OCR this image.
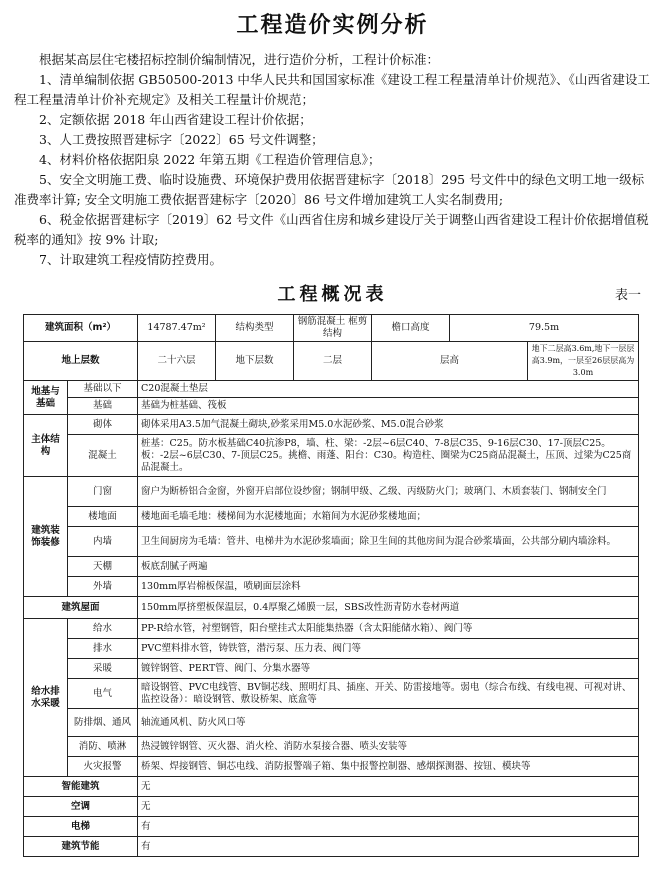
工程造价实例分析

根据某高层住宅楼招标控制价编制情况，进行造价分析，工程计价标准：

1、清单编制依据 GB50500-2013 中华人民共和国国家标准《建设工程工程量清单计价规范》、《山西省建设工程工程量清单计价补充规定》及相关工程量计价规范；

2、定额依据 2018 年山西省建设工程计价依据；

3、人工费按照晋建标字〔2022〕65 号文件调整；

4、材料价格依据阳泉 2022 年第五期《工程造价管理信息》；

5、安全文明施工费、临时设施费、环境保护费用依据晋建标字〔2018〕295 号文件中的绿色文明工地一级标准费率计算; 安全文明施工费依据晋建标字〔2020〕86 号文件增加建筑工人实名制费用;

6、税金依据晋建标字〔2019〕62 号文件《山西省住房和城乡建设厅关于调整山西省建设工程计价依据增值税税率的通知》按 9% 计取;

7、计取建筑工程疫情防控费用。

工程概况表	表一
建筑面积（m²）		14787.47m²	结构类型	钢筋混凝土 框剪结构	檐口高度	79.5m	
地上层数		二十六层	地下层数	二层	层高		地下二层高3.6m,地下一层层高3.9m，一层至26层层高为3.0m
地基与基础	基础以下	C20混凝土垫层					
	基础	基础为桩基础、筏板					
主体结构	砌体	砌体采用A3.5加气混凝土砌块,砂浆采用M5.0水泥砂浆、M5.0混合砂浆					
	混凝土	桩基：C25。防水板基础C40抗渗P8，墙、柱、梁：-2层~6层C40、7-8层C35、9-16层C30、17-顶层C25。板：-2层~6层C30、7-顶层C25。挑檐、雨蓬、阳台：C30。构造柱、圈梁为C25商品混凝土，压顶、过梁为C25商品混凝土。					
建筑装饰装修	门窗	窗户为断桥铝合金窗，外窗开启部位设纱窗；钢制甲级、乙级、丙级防火门；玻璃门、木质套装门、钢制安全门					
	楼地面	楼地面毛墙毛地：楼梯间为水泥楼地面；水箱间为水泥砂浆楼地面；					
	内墙	卫生间厨房为毛墙：管井、电梯井为水泥砂浆墙面；除卫生间的其他房间为混合砂浆墙面，公共部分刷内墙涂料。					
	天棚	板底刮腻子两遍					
	外墙	130mm厚岩棉板保温，喷刷面层涂料					
建筑屋面		150mm厚挤塑板保温层，0.4厚聚乙烯膜一层，SBS改性沥青防水卷材两道					
给水排水采暖	给水	PP-R给水管，衬塑钢管，阳台壁挂式太阳能集热器（含太阳能储水箱）、阀门等					
	排水	PVC塑料排水管，铸铁管，潜污泵、压力表、阀门等					
	采暖	镀锌钢管、PERT管、阀门、分集水器等					
	电气	暗设钢管、PVC电线管、BV铜芯线、照明灯具、插座、开关、防雷接地等。弱电（综合布线、有线电视、可视对讲、监控设备）：暗设钢管、敷设桥架、底盒等					
	防排烟、通风	轴流通风机、防火风口等					
	消防、喷淋	热浸镀锌钢管、灭火器、消火栓、消防水泵接合器、喷头安装等					
	火灾报警	桥架、焊接钢管、铜芯电线、消防报警端子箱、集中报警控制器、感烟探测器、按钮、模块等					
智能建筑		无					
空调		无					
电梯		有					
建筑节能		有					
